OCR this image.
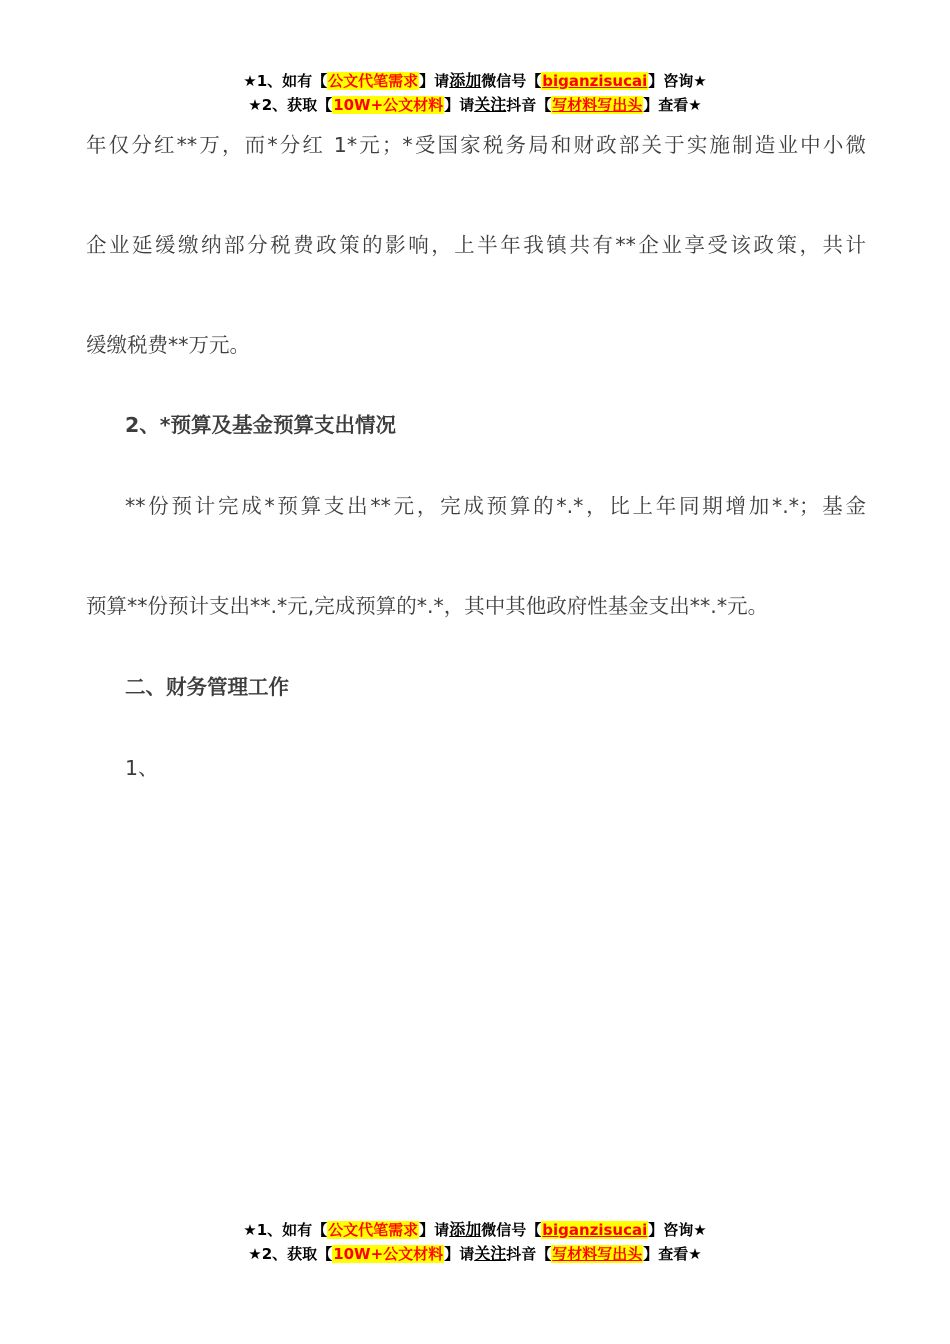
★1、如有【公文代笔需求】请添加微信号【biganzisucai】咨询★
★2、获取【10W+公文材料】请关注抖音【写材料写出头】查看★
年仅分红**万，而*分红 1*元；*受国家税务局和财政部关于实施制造业中小微
企业延缓缴纳部分税费政策的影响，上半年我镇共有**企业享受该政策，共计
缓缴税费**万元。
2、*预算及基金预算支出情况
**份预计完成*预算支出**元，完成预算的*.*，比上年同期增加*.*；基金
预算**份预计支出**.*元,完成预算的*.*，其中其他政府性基金支出**.*元。
二、财务管理工作
1、
★1、如有【公文代笔需求】请添加微信号【biganzisucai】咨询★
★2、获取【10W+公文材料】请关注抖音【写材料写出头】查看★
